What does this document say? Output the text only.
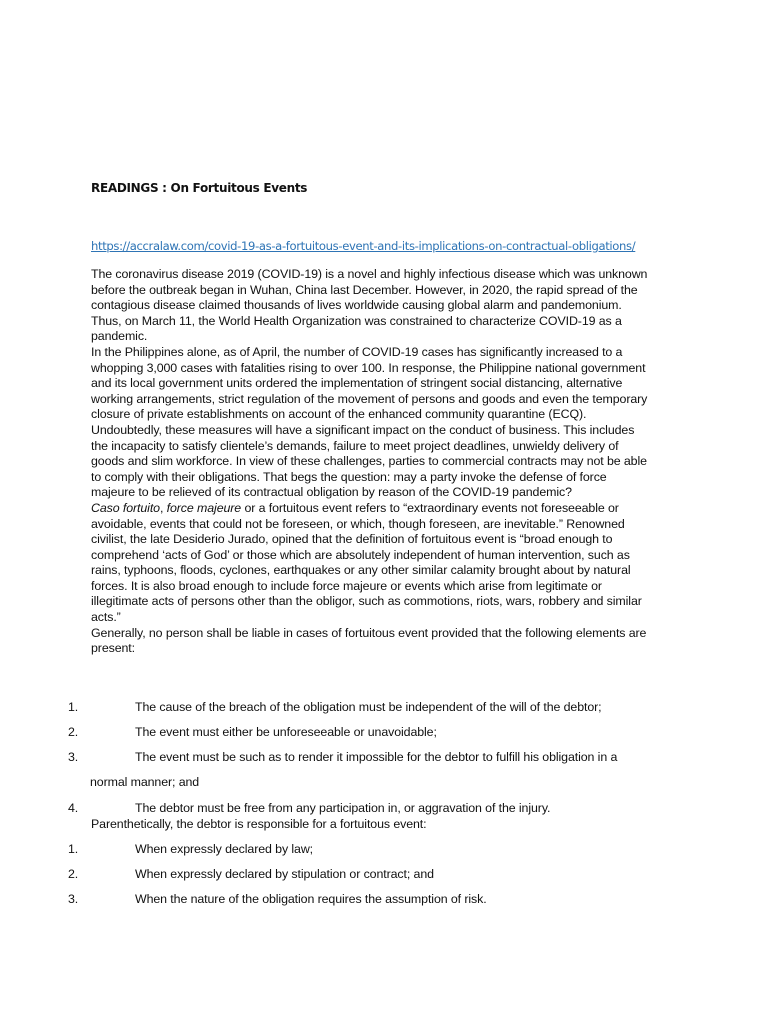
READINGS : On Fortuitous Events
https://accralaw.com/covid-19-as-a-fortuitous-event-and-its-implications-on-contractual-obligations/

The coronavirus disease 2019 (COVID-19) is a novel and highly infectious disease which was unknown before the outbreak began in Wuhan, China last December. However, in 2020, the rapid spread of the contagious disease claimed thousands of lives worldwide causing global alarm and pandemonium. Thus, on March 11, the World Health Organization was constrained to characterize COVID-19 as a pandemic.

In the Philippines alone, as of April, the number of COVID-19 cases has significantly increased to a whopping 3,000 cases with fatalities rising to over 100. In response, the Philippine national government and its local government units ordered the implementation of stringent social distancing, alternative working arrangements, strict regulation of the movement of persons and goods and even the temporary closure of private establishments on account of the enhanced community quarantine (ECQ).

Undoubtedly, these measures will have a significant impact on the conduct of business. This includes the incapacity to satisfy clientele’s demands, failure to meet project deadlines, unwieldy delivery of goods and slim workforce. In view of these challenges, parties to commercial contracts may not be able to comply with their obligations. That begs the question: may a party invoke the defense of force majeure to be relieved of its contractual obligation by reason of the COVID-19 pandemic?

Caso fortuito, force majeure or a fortuitous event refers to “extraordinary events not foreseeable or avoidable, events that could not be foreseen, or which, though foreseen, are inevitable.” Renowned civilist, the late Desiderio Jurado, opined that the definition of fortuitous event is “broad enough to comprehend ‘acts of God’ or those which are absolutely independent of human intervention, such as rains, typhoons, floods, cyclones, earthquakes or any other similar calamity brought about by natural forces. It is also broad enough to include force majeure or events which arise from legitimate or illegitimate acts of persons other than the obligor, such as commotions, riots, wars, robbery and similar acts.”

Generally, no person shall be liable in cases of fortuitous event provided that the following elements are present:

1.	The cause of the breach of the obligation must be independent of the will of the debtor;
2.	The event must either be unforeseeable or unavoidable;
3.	The event must be such as to render it impossible for the debtor to fulfill his obligation in a
normal manner; and
4.	The debtor must be free from any participation in, or aggravation of the injury.
Parenthetically, the debtor is responsible for a fortuitous event:
1.	When expressly declared by law;
2.	When expressly declared by stipulation or contract; and
3.	When the nature of the obligation requires the assumption of risk.
